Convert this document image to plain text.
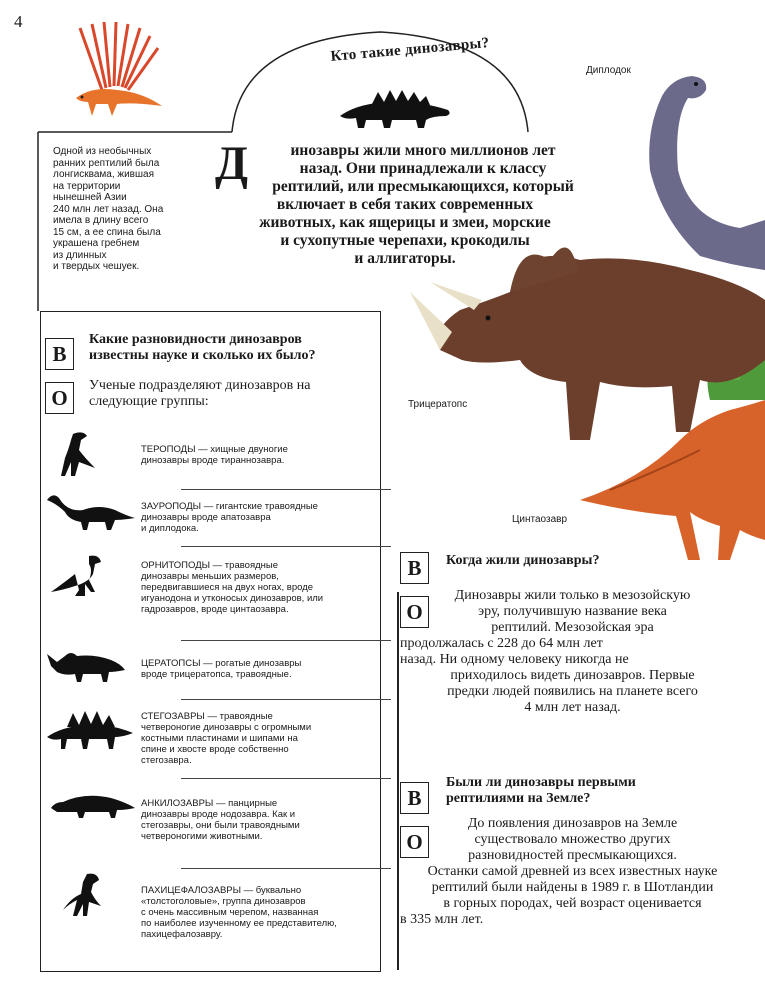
4
Кто такие динозавры?
Одной из необычных
ранних рептилий была
лонгисквама, жившая
на территории
нынешней Азии
240 млн лет назад. Она
имела в длину всего
15 см, а ее спина была
украшена гребнем
из длинных
и твердых чешуек.
Д	инозавры жили много миллионов лет
назад. Они принадлежали к классу
рептилий, или пресмыкающихся, который
включает в себя таких современных
животных, как ящерицы и змеи, морские
и сухопутные черепахи, крокодилы
и аллигаторы.
Диплодок
Трицератопс
Цинтаозавр
В
Какие разновидности динозавров
известны науке и сколько их было?
О
Ученые подразделяют динозавров на
следующие группы:
ТЕРОПОДЫ — хищные двуногие
динозавры вроде тираннозавра.
ЗАУРОПОДЫ — гигантские травоядные
динозавры вроде апатозавра
и диплодока.
ОРНИТОПОДЫ — травоядные
динозавры меньших размеров,
передвигавшиеся на двух ногах, вроде
игуанодона и утконосых динозавров, или
гадрозавров, вроде цинтаозавра.
ЦЕРАТОПСЫ — рогатые динозавры
вроде трицератопса, травоядные.
СТЕГОЗАВРЫ — травоядные
четвероногие динозавры с огромными
костными пластинами и шипами на
спине и хвосте вроде собственно
стегозавра.
АНКИЛОЗАВРЫ — панцирные
динозавры вроде нодозавра. Как и
стегозавры, они были травоядными
четвероногими животными.
ПАХИЦЕФАЛОЗАВРЫ — буквально
«толстоголовые», группа динозавров
с очень массивным черепом, названная
по наиболее изученному ее представителю,
пахицефалозавру.
В	Когда жили динозавры?
О
Динозавры жили только в мезозойскую
эру, получившую название века
рептилий. Мезозойская эра
продолжалась с 228 до 64 млн лет
назад. Ни одному человеку никогда не
приходилось видеть динозавров. Первые
предки людей появились на планете всего
4 млн лет назад.
В
Были ли динозавры первыми
рептилиями на Земле?
О
До появления динозавров на Земле
существовало множество других
разновидностей пресмыкающихся.
Останки самой древней из всех известных науке
рептилий были найдены в 1989 г. в Шотландии
в горных породах, чей возраст оценивается
в 335 млн лет.
